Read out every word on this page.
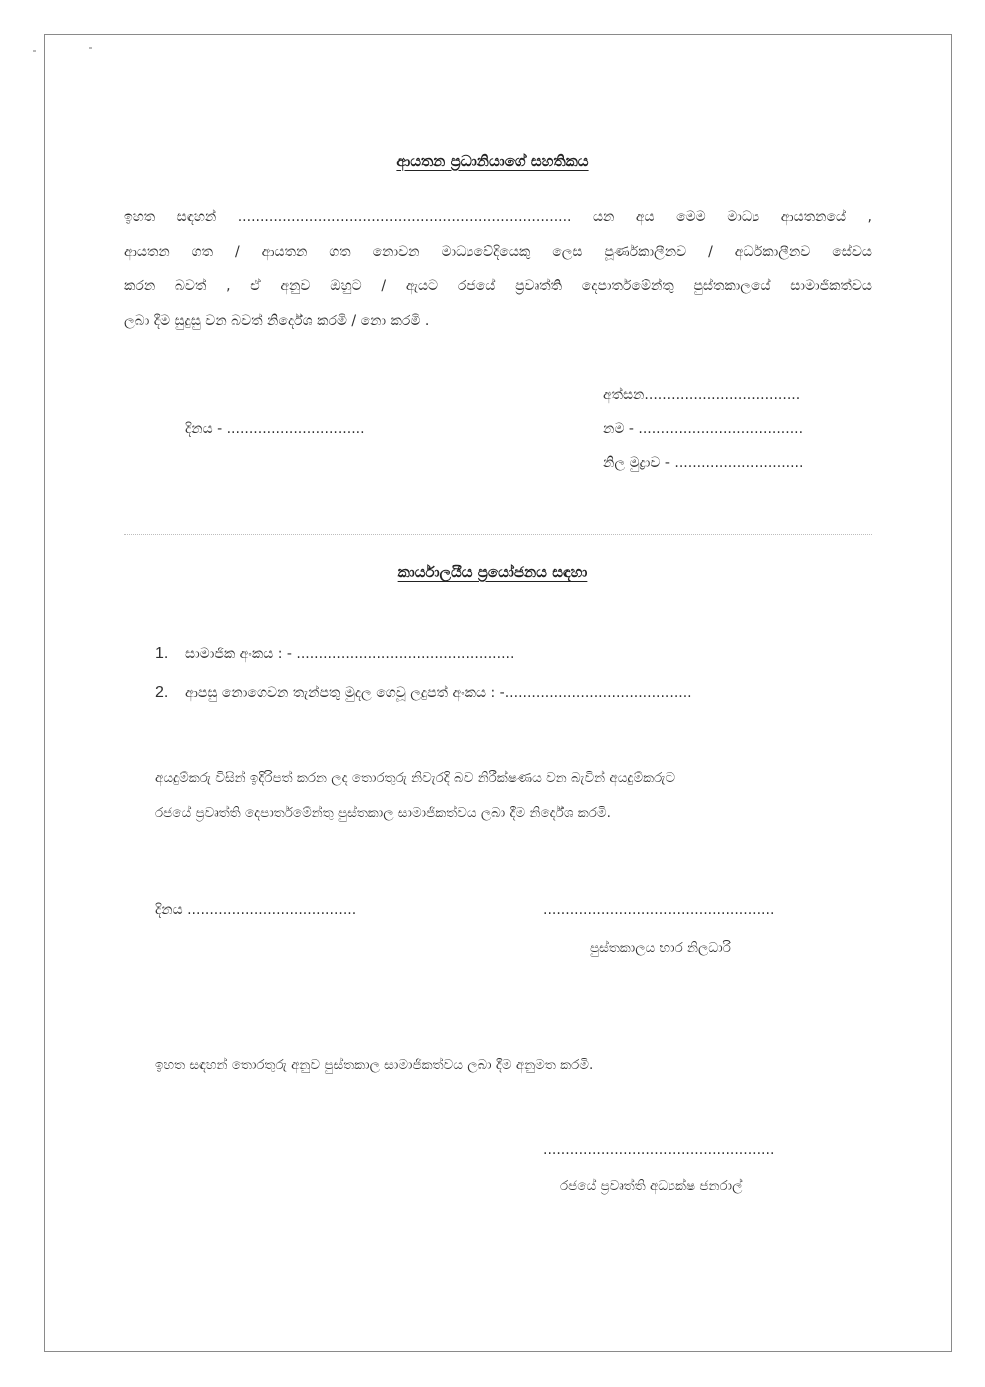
ආයතන ප්‍රධානියාගේ සහතිකය
ඉහත සඳහන් ........................................................................... යන අය මෙම මාධ්‍ය ආයතනයේ ,
ආයතන ගත / ආයතන ගත නොවන මාධ්‍යවේදියෙකු ලෙස පූර්ණකාලීනව / අර්ධකාලීනව සේවය
කරන බවත් , ඒ අනුව ඔහුට / ඇයට රජයේ ප්‍රවෘත්ති දෙපාර්තමේන්තු පුස්තකාලයේ සාමාජිකත්වය
ලබා දීම සුදුසු වන බවත් නිර්දේශ කරමි / නො කරමි .
අත්සන...................................
දිනය - ...............................	නම - .....................................
නිල මුද්‍රාව - .............................
කාර්යාලයීය ප්‍රයෝජනය සඳහා
1. සාමාජික අංකය : - .................................................
2. ආපසු නොගෙවන තැන්පතු මුදල ගෙවූ ලදුපත් අංකය : -..........................................
අයදුම්කරු විසින් ඉදිරිපත් කරන ලද තොරතුරු නිවැරදි බව නිරීක්ෂණය වන බැවින් අයදුම්කරුට
රජයේ ප්‍රවෘත්ති දෙපාර්තමේන්තු පුස්තකාල සාමාජිකත්වය ලබා දීම නිර්දේශ කරමි.
දිනය ......................................	....................................................
පුස්තකාලය භාර නිලධාරි
ඉහත සඳහන් තොරතුරු අනුව පුස්තකාල සාමාජිකත්වය ලබා දීම අනුමත කරමි.
....................................................
රජයේ ප්‍රවෘත්ති අධ්‍යක්ෂ ජනරාල්
